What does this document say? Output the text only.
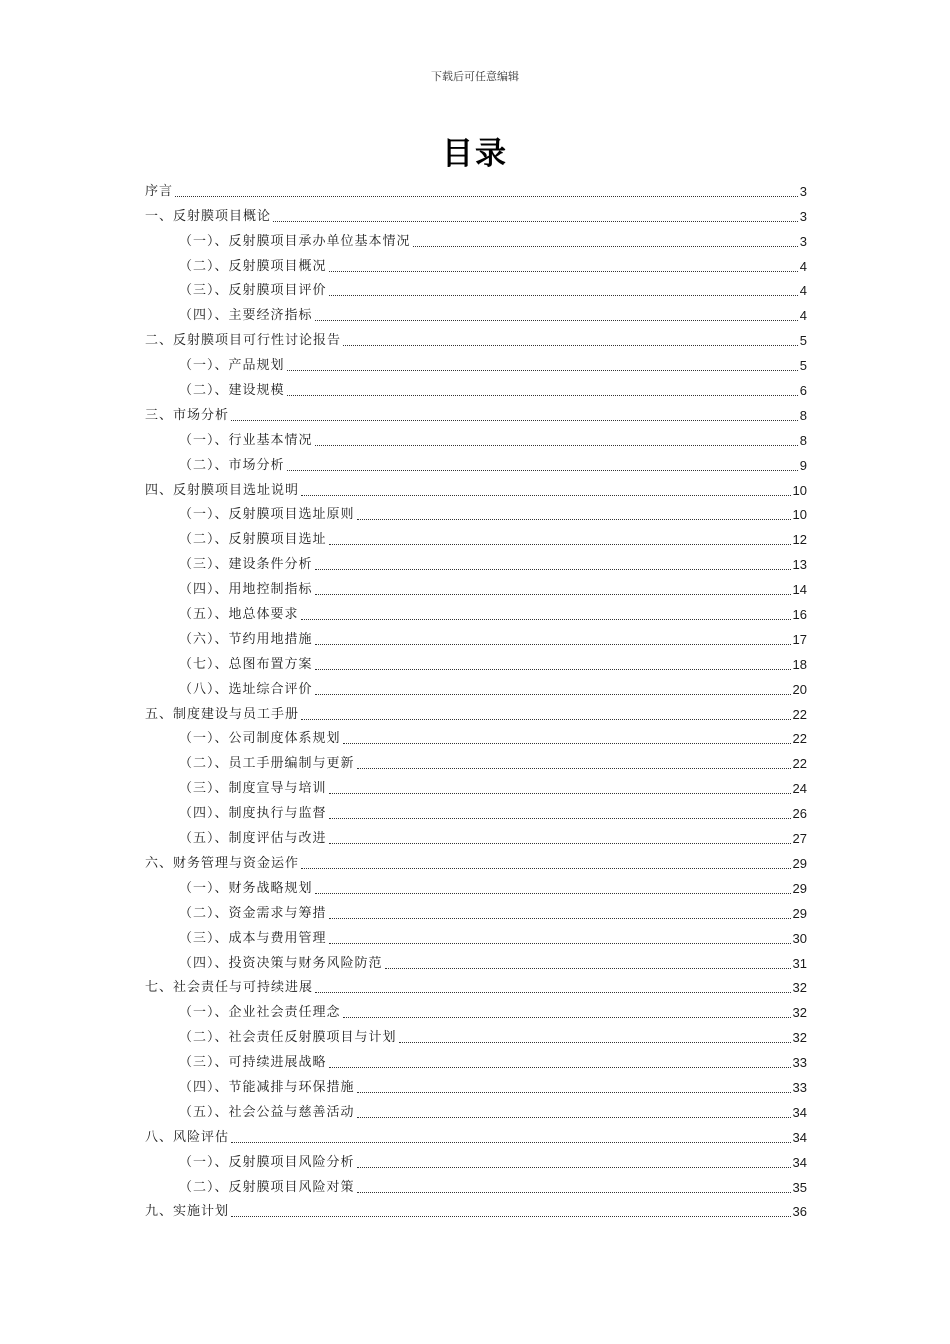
下载后可任意编辑
目录
序言	3
一、反射膜项目概论	3
（一）、反射膜项目承办单位基本情况	3
（二）、反射膜项目概况	4
（三）、反射膜项目评价	4
（四）、主要经济指标	4
二、反射膜项目可行性讨论报告	5
（一）、产品规划	5
（二）、建设规模	6
三、市场分析	8
（一）、行业基本情况	8
（二）、市场分析	9
四、反射膜项目选址说明	10
（一）、反射膜项目选址原则	10
（二）、反射膜项目选址	12
（三）、建设条件分析	13
（四）、用地控制指标	14
（五）、地总体要求	16
（六）、节约用地措施	17
（七）、总图布置方案	18
（八）、选址综合评价	20
五、制度建设与员工手册	22
（一）、公司制度体系规划	22
（二）、员工手册编制与更新	22
（三）、制度宣导与培训	24
（四）、制度执行与监督	26
（五）、制度评估与改进	27
六、财务管理与资金运作	29
（一）、财务战略规划	29
（二）、资金需求与筹措	29
（三）、成本与费用管理	30
（四）、投资决策与财务风险防范	31
七、社会责任与可持续进展	32
（一）、企业社会责任理念	32
（二）、社会责任反射膜项目与计划	32
（三）、可持续进展战略	33
（四）、节能减排与环保措施	33
（五）、社会公益与慈善活动	34
八、风险评估	34
（一）、反射膜项目风险分析	34
（二）、反射膜项目风险对策	35
九、实施计划	36
